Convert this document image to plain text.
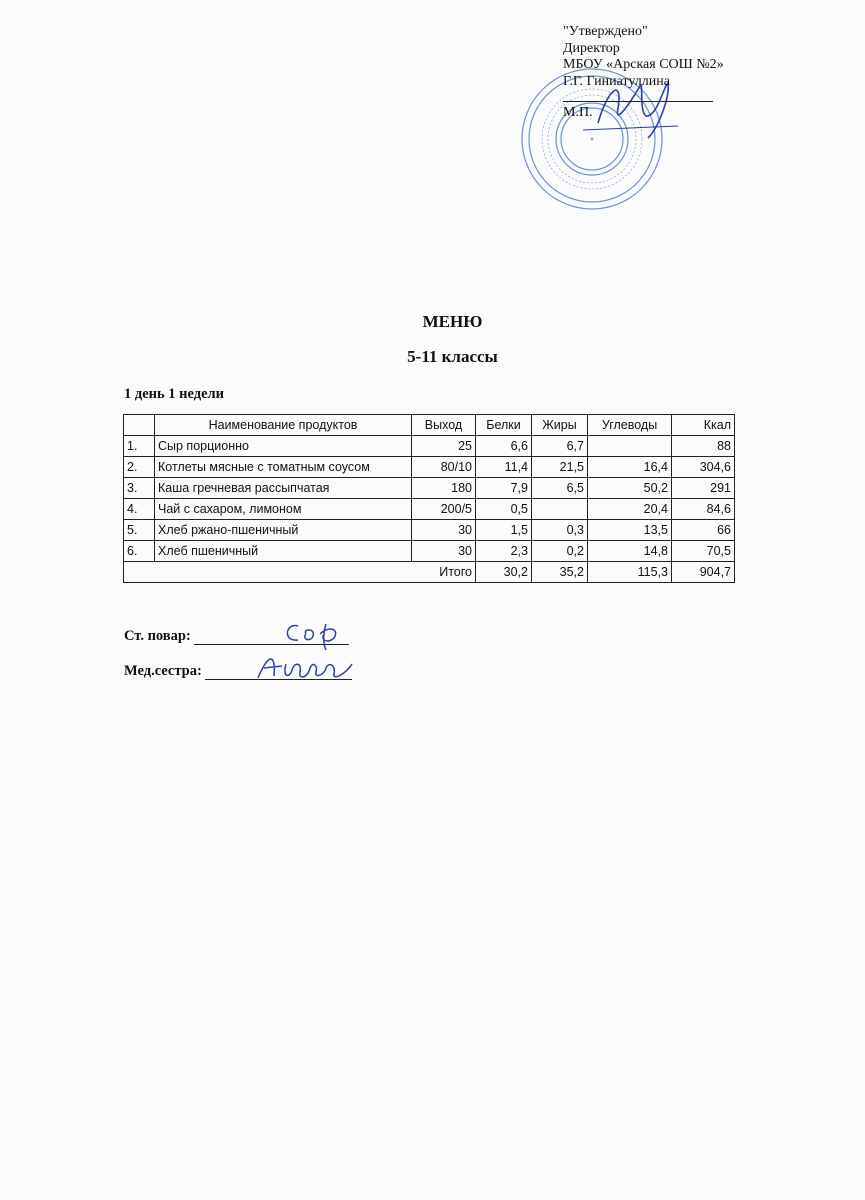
"Утверждено"
Директор
МБОУ «Арская СОШ №2»
Г.Г. Гиниатуллина
М.П.
МЕНЮ
5-11 классы
1 день 1 недели
	Наименование продуктов	Выход	Белки	Жиры	Углеводы	Ккал
1.	Сыр порционно	25	6,6	6,7		88
2.	Котлеты мясные с томатным соусом	80/10	11,4	21,5	16,4	304,6
3.	Каша гречневая рассыпчатая	180	7,9	6,5	50,2	291
4.	Чай с сахаром, лимоном	200/5	0,5		20,4	84,6
5.	Хлеб ржано-пшеничный	30	1,5	0,3	13,5	66
6.	Хлеб пшеничный	30	2,3	0,2	14,8	70,5
Итого			30,2	35,2	115,3	904,7
Ст. повар:
Мед.сестра:
